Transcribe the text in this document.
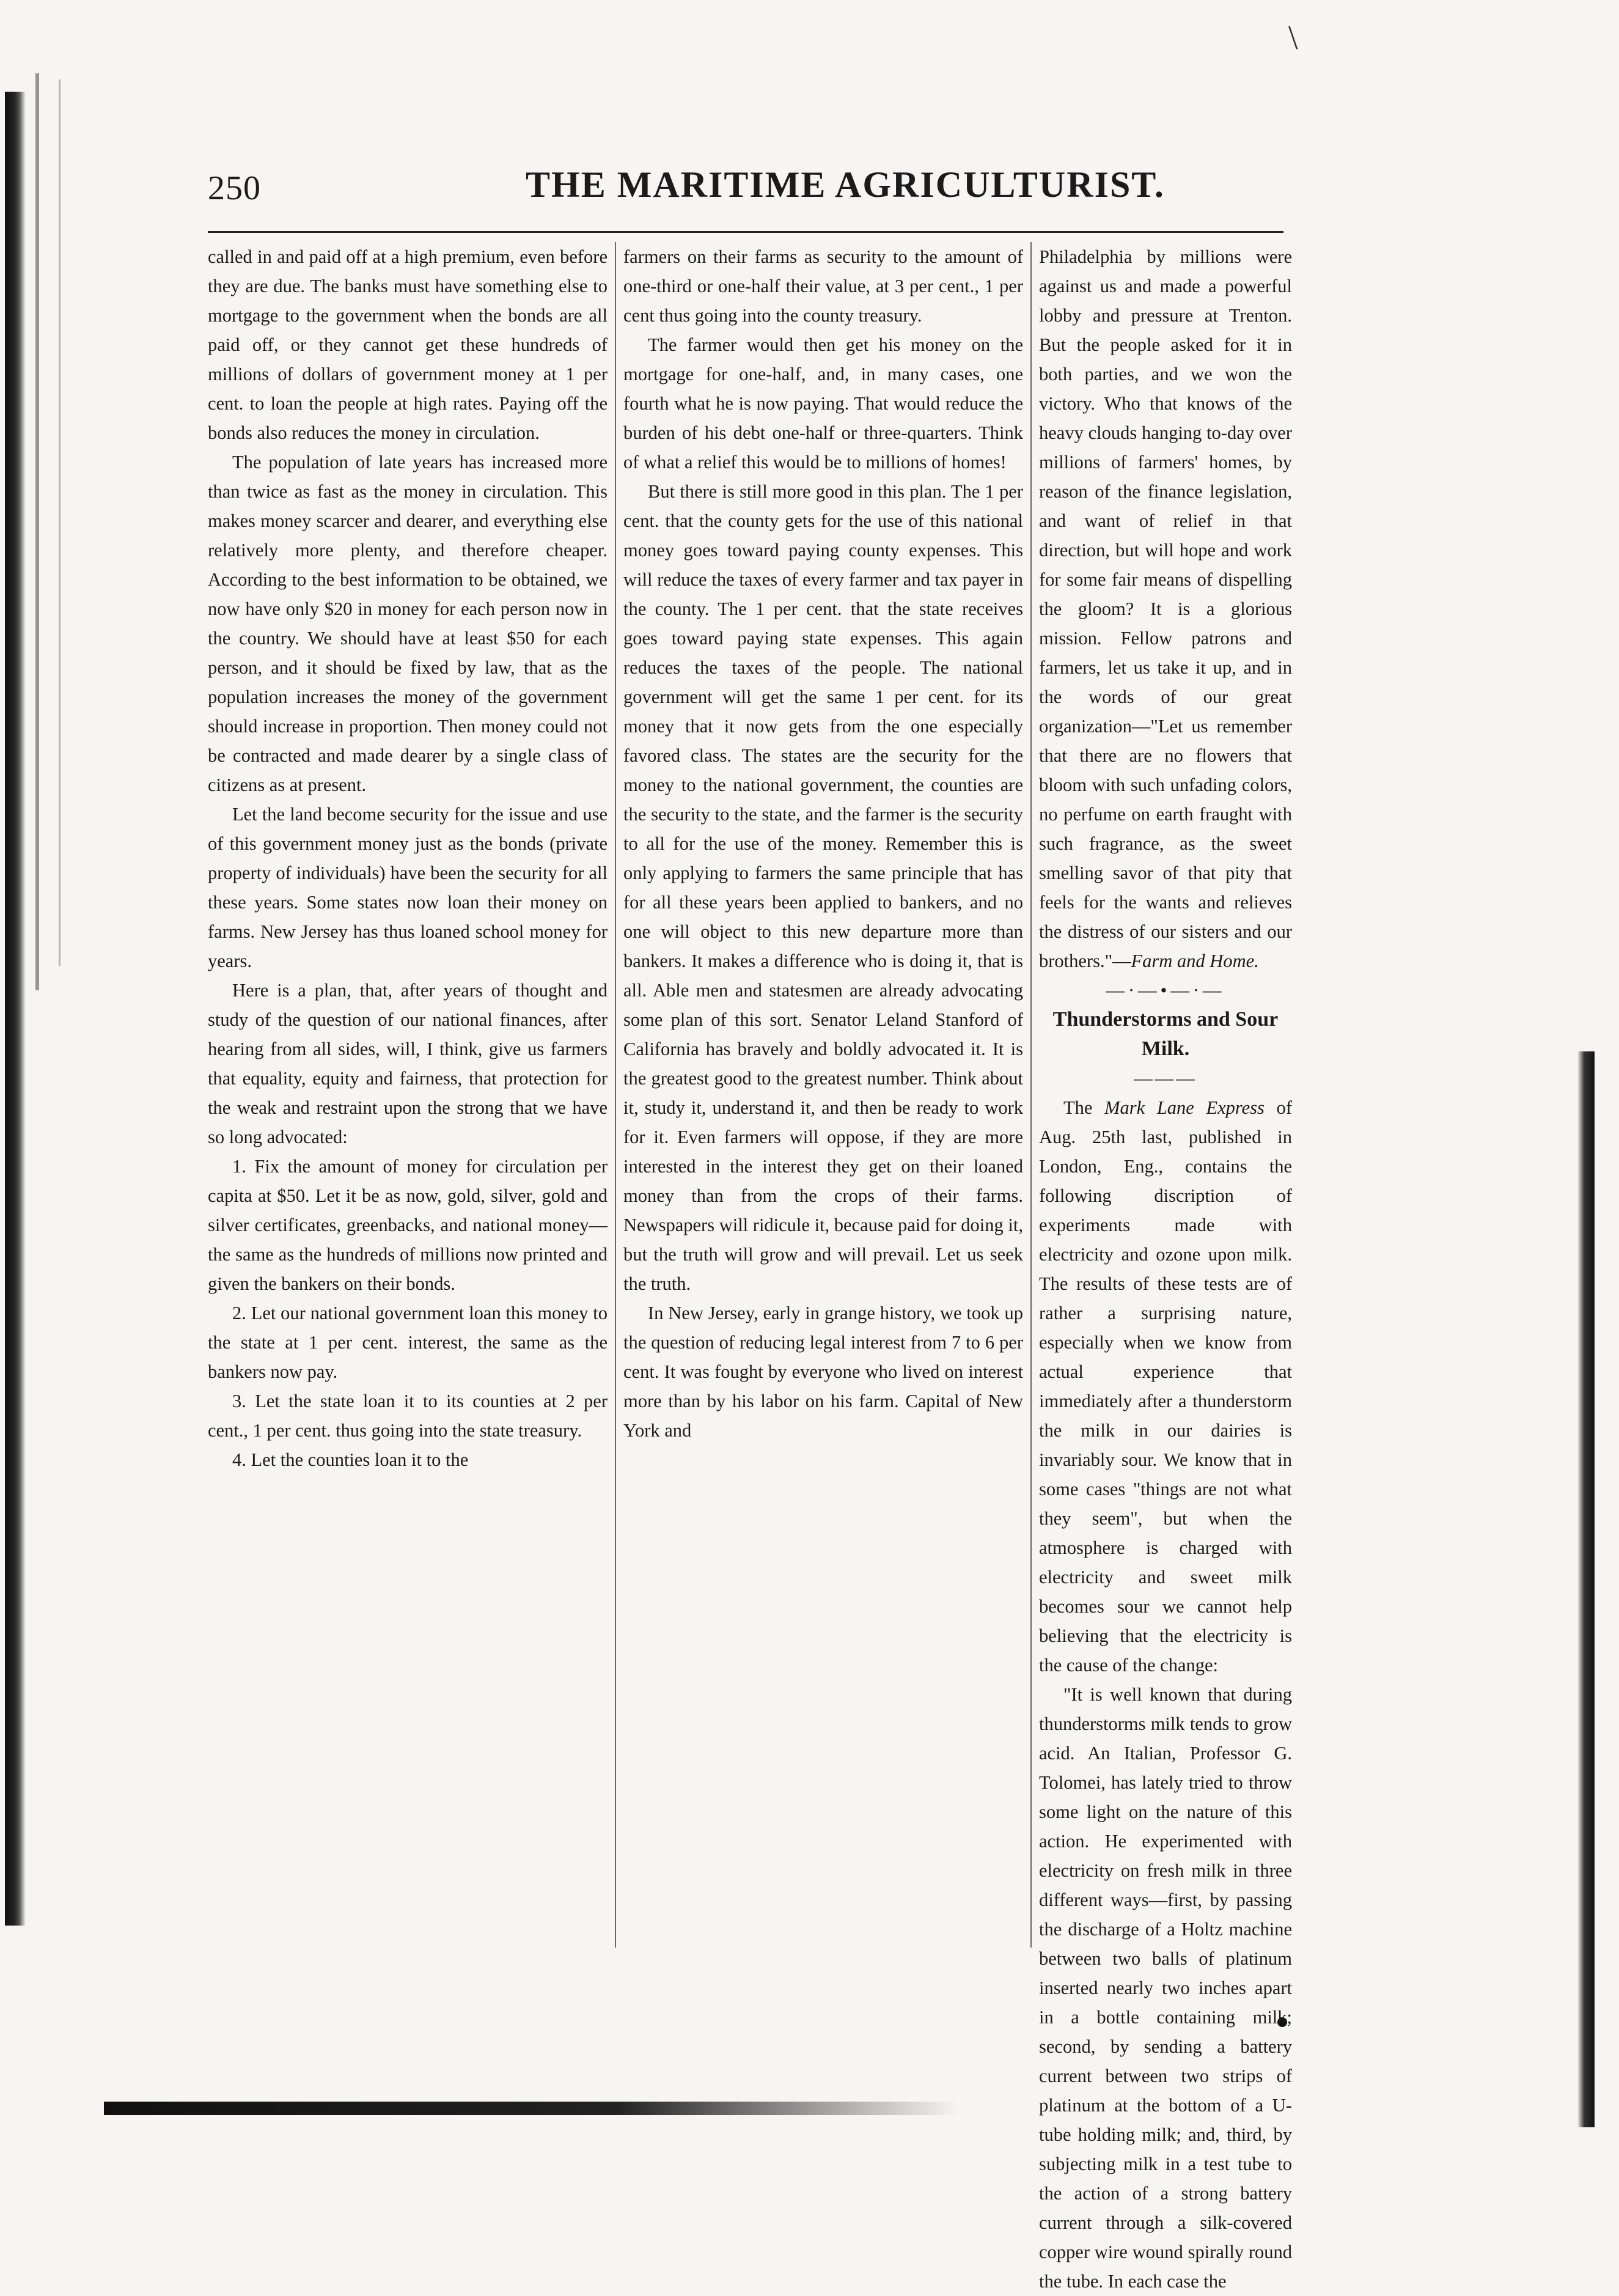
\
250	THE MARITIME AGRICULTURIST.

called in and paid off at a high premium, even before they are due. The banks must have something else to mortgage to the government when the bonds are all paid off, or they cannot get these hundreds of millions of dollars of government money at 1 per cent. to loan the people at high rates. Paying off the bonds also reduces the money in circulation.

The population of late years has increased more than twice as fast as the money in circulation. This makes money scarcer and dearer, and everything else relatively more plenty, and therefore cheaper. According to the best information to be obtained, we now have only $20 in money for each person now in the country. We should have at least $50 for each person, and it should be fixed by law, that as the population increases the money of the government should increase in proportion. Then money could not be contracted and made dearer by a single class of citizens as at present.

Let the land become security for the issue and use of this government money just as the bonds (private property of individuals) have been the security for all these years. Some states now loan their money on farms. New Jersey has thus loaned school money for years.

Here is a plan, that, after years of thought and study of the question of our national finances, after hearing from all sides, will, I think, give us farmers that equality, equity and fairness, that protection for the weak and restraint upon the strong that we have so long advocated:

1. Fix the amount of money for circulation per capita at $50. Let it be as now, gold, silver, gold and silver certificates, greenbacks, and national money—the same as the hundreds of millions now printed and given the bankers on their bonds.

2. Let our national government loan this money to the state at 1 per cent. interest, the same as the bankers now pay.

3. Let the state loan it to its counties at 2 per cent., 1 per cent. thus going into the state treasury.

4. Let the counties loan it to the

farmers on their farms as security to the amount of one-third or one-half their value, at 3 per cent., 1 per cent thus going into the county treasury.

The farmer would then get his money on the mortgage for one-half, and, in many cases, one fourth what he is now paying. That would reduce the burden of his debt one-half or three-quarters. Think of what a relief this would be to millions of homes!

But there is still more good in this plan. The 1 per cent. that the county gets for the use of this national money goes toward paying county expenses. This will reduce the taxes of every farmer and tax payer in the county. The 1 per cent. that the state receives goes toward paying state expenses. This again reduces the taxes of the people. The national government will get the same 1 per cent. for its money that it now gets from the one especially favored class. The states are the security for the money to the national government, the counties are the security to the state, and the farmer is the security to all for the use of the money. Remember this is only applying to farmers the same principle that has for all these years been applied to bankers, and no one will object to this new departure more than bankers. It makes a difference who is doing it, that is all. Able men and statesmen are already advocating some plan of this sort. Senator Leland Stanford of California has bravely and boldly advocated it. It is the greatest good to the greatest number. Think about it, study it, understand it, and then be ready to work for it. Even farmers will oppose, if they are more interested in the interest they get on their loaned money than from the crops of their farms. Newspapers will ridicule it, because paid for doing it, but the truth will grow and will prevail. Let us seek the truth.

In New Jersey, early in grange history, we took up the question of reducing legal interest from 7 to 6 per cent. It was fought by everyone who lived on interest more than by his labor on his farm. Capital of New York and

Philadelphia by millions were against us and made a powerful lobby and pressure at Trenton. But the people asked for it in both parties, and we won the victory. Who that knows of the heavy clouds hanging to-day over millions of farmers' homes, by reason of the finance legislation, and want of relief in that direction, but will hope and work for some fair means of dispelling the gloom? It is a glorious mission. Fellow patrons and farmers, let us take it up, and in the words of our great organization—"Let us remember that there are no flowers that bloom with such unfading colors, no perfume on earth fraught with such fragrance, as the sweet smelling savor of that pity that feels for the wants and relieves the distress of our sisters and our brothers."—Farm and Home.

—·—•—·—

Thunderstorms and Sour Milk.

———

The Mark Lane Express of Aug. 25th last, published in London, Eng., contains the following discription of experiments made with electricity and ozone upon milk. The results of these tests are of rather a surprising nature, especially when we know from actual experience that immediately after a thunderstorm the milk in our dairies is invariably sour. We know that in some cases "things are not what they seem", but when the atmosphere is charged with electricity and sweet milk becomes sour we cannot help believing that the electricity is the cause of the change:

"It is well known that during thunderstorms milk tends to grow acid. An Italian, Professor G. Tolomei, has lately tried to throw some light on the nature of this action. He experimented with electricity on fresh milk in three different ways—first, by passing the discharge of a Holtz machine between two balls of platinum inserted nearly two inches apart in a bottle containing milk; second, by sending a battery current between two strips of platinum at the bottom of a U-tube holding milk; and, third, by subjecting milk in a test tube to the action of a strong battery current through a silk-covered copper wire wound spirally round the tube. In each case the
